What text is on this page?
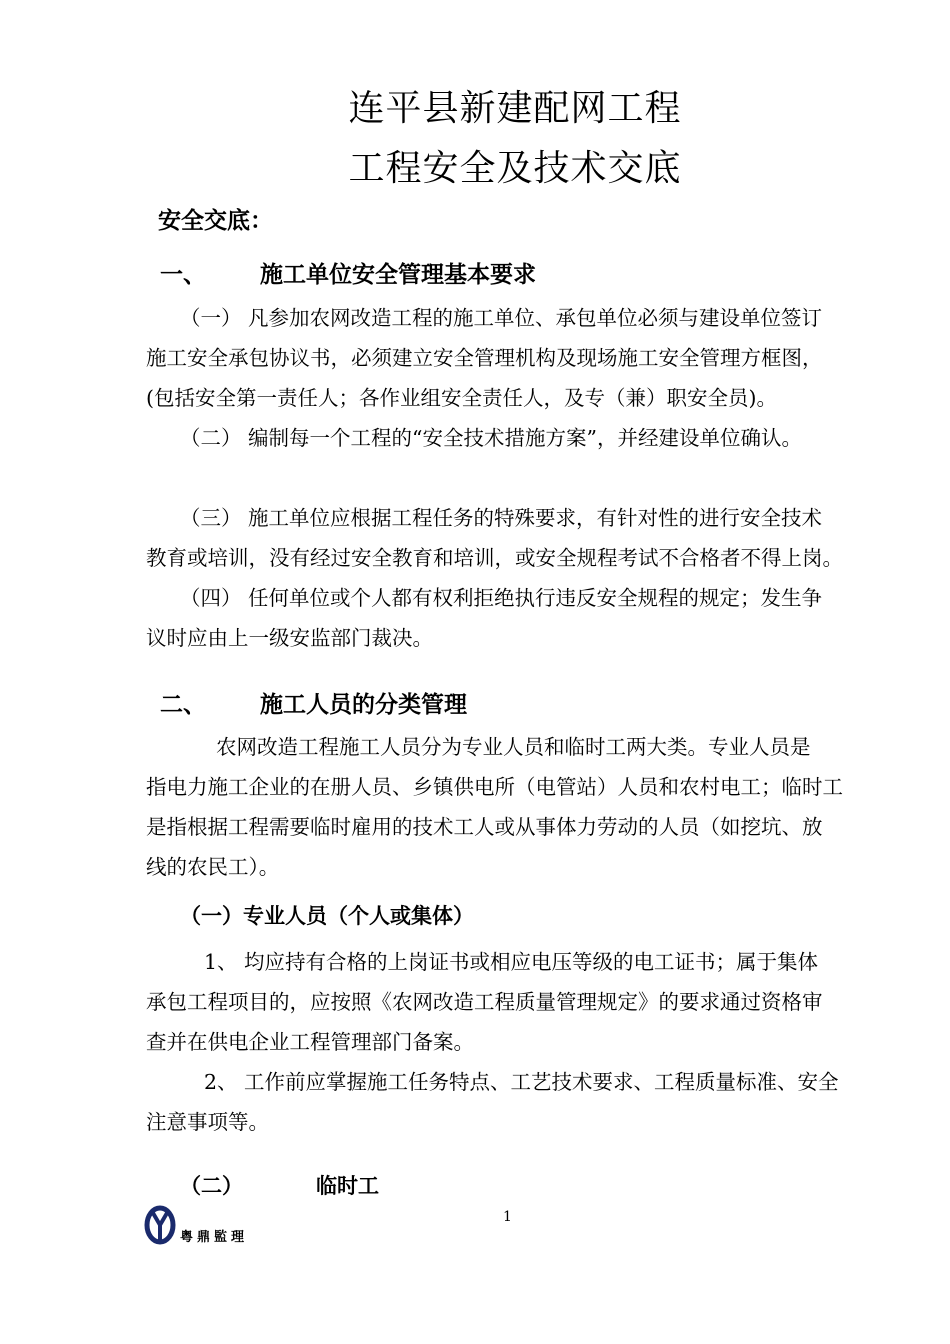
连平县新建配网工程
工程安全及技术交底
安全交底：
一、 施工单位安全管理基本要求
（一） 凡参加农网改造工程的施工单位、承包单位必须与建设单位签订
施工安全承包协议书，必须建立安全管理机构及现场施工安全管理方框图，
(包括安全第一责任人；各作业组安全责任人，及专（兼）职安全员)。
（二） 编制每一个工程的“安全技术措施方案”，并经建设单位确认。
（三） 施工单位应根据工程任务的特殊要求，有针对性的进行安全技术
教育或培训，没有经过安全教育和培训，或安全规程考试不合格者不得上岗。
（四） 任何单位或个人都有权利拒绝执行违反安全规程的规定；发生争
议时应由上一级安监部门裁决。
二、 施工人员的分类管理
农网改造工程施工人员分为专业人员和临时工两大类。专业人员是
指电力施工企业的在册人员、乡镇供电所（电管站）人员和农村电工；临时工
是指根据工程需要临时雇用的技术工人或从事体力劳动的人员（如挖坑、放
线的农民工）。
（一）专业人员（个人或集体）
1、 均应持有合格的上岗证书或相应电压等级的电工证书；属于集体
承包工程项目的，应按照《农网改造工程质量管理规定》的要求通过资格审
查并在供电企业工程管理部门备案。
2、 工作前应掌握施工任务特点、工艺技术要求、工程质量标准、安全
注意事项等。
（二）	临时工
1
粤鼎監理
